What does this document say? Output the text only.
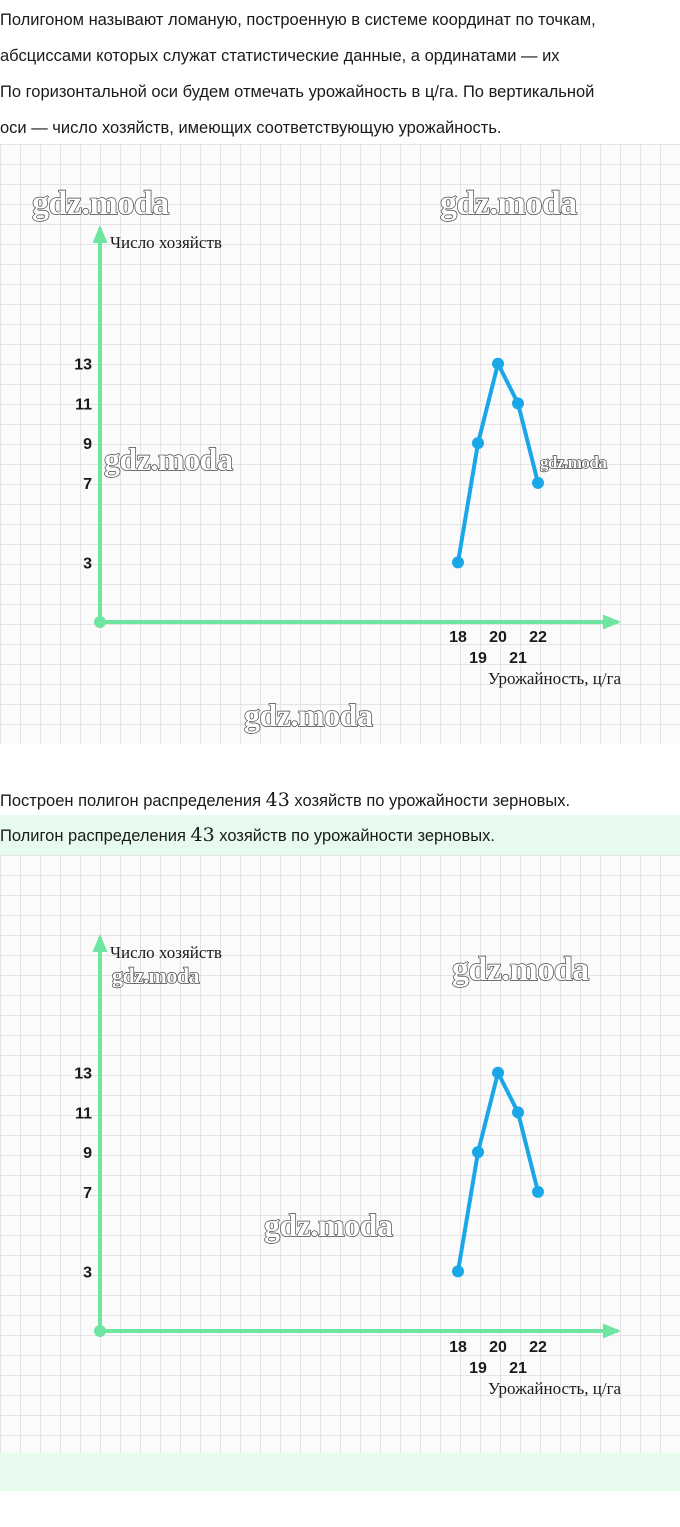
Полигоном называют ломаную, построенную в системе координат по точкам,
абсциссами которых служат статистические данные, а ординатами — их
По горизонтальной оси будем отмечать урожайность в ц/га. По вертикальной
оси — число хозяйств, имеющих соответствующую урожайность.
Число хозяйств
Урожайность, ц/га
3
7
9
11
13
18
19
20
21
22
gdz.moda	gdz.moda
gdz.moda	gdz.moda
gdz.moda
Построен полигон распределения 43 хозяйств по урожайности зерновых.
Полигон распределения 43 хозяйств по урожайности зерновых.
Число хозяйств
Урожайность, ц/га
3
7
9
11
13
18
19
20
21
22
gdz.moda	gdz.moda
gdz.moda
